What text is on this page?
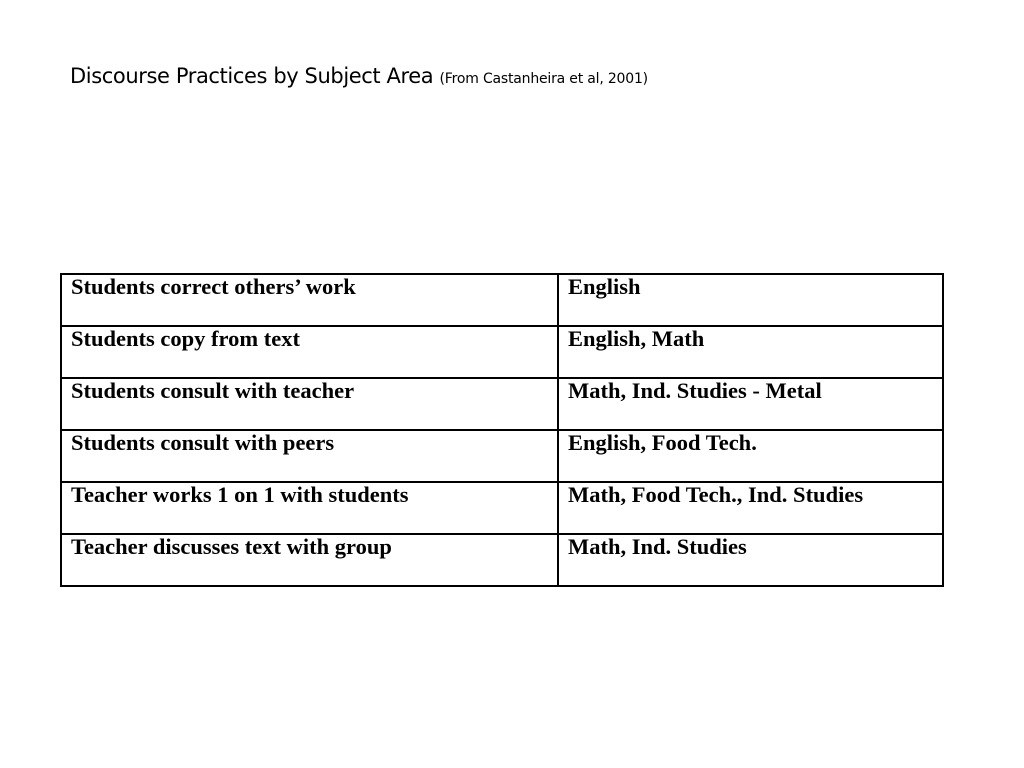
Discourse Practices by Subject Area (From Castanheira et al, 2001)
Students correct others’ work	English
Students copy from text	English, Math
Students consult with teacher	Math, Ind. Studies - Metal
Students consult with peers	English, Food Tech.
Teacher works 1 on 1 with students	Math, Food Tech., Ind. Studies
Teacher discusses text with group	Math, Ind. Studies
